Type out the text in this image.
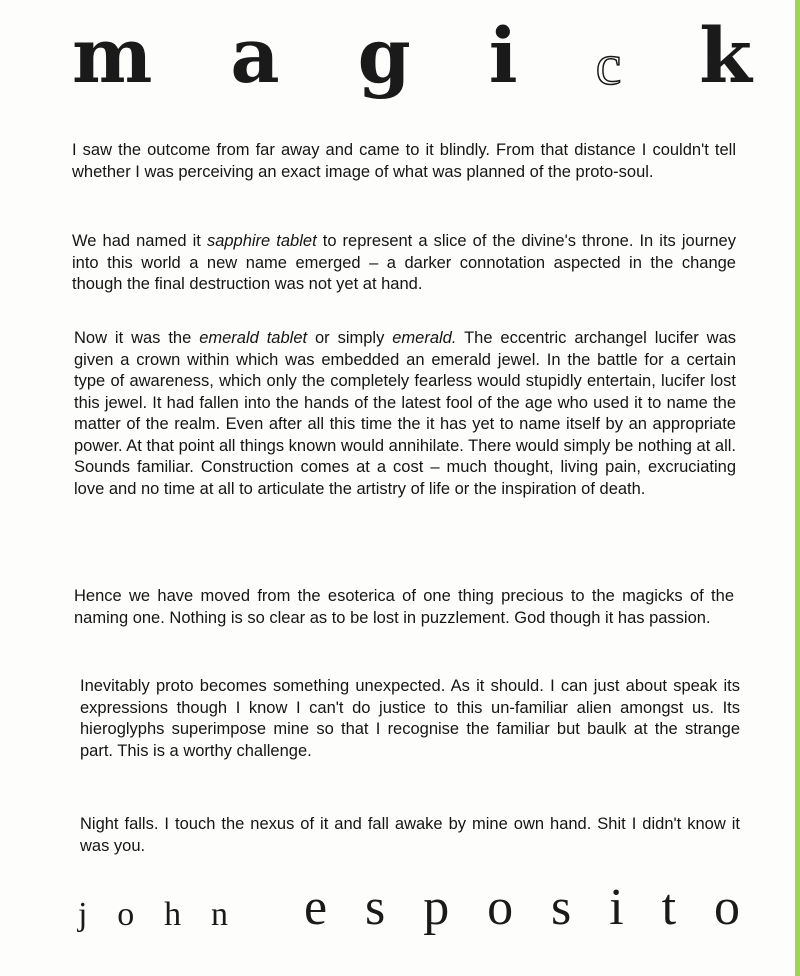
m a g i c k

I saw the outcome from far away and came to it blindly. From that distance I couldn't tell whether I was perceiving an exact image of what was planned of the proto-soul.

We had named it sapphire tablet to represent a slice of the divine's throne. In its journey into this world a new name emerged – a darker connotation aspected in the change though the final destruction was not yet at hand.

Now it was the emerald tablet or simply emerald. The eccentric archangel lucifer was given a crown within which was embedded an emerald jewel. In the battle for a certain type of awareness, which only the completely fearless would stupidly entertain, lucifer lost this jewel. It had fallen into the hands of the latest fool of the age who used it to name the matter of the realm. Even after all this time the it has yet to name itself by an appropriate power. At that point all things known would annihilate. There would simply be nothing at all. Sounds familiar. Construction comes at a cost – much thought, living pain, excruciating love and no time at all to articulate the artistry of life or the inspiration of death.

Hence we have moved from the esoterica of one thing precious to the magicks of the naming one. Nothing is so clear as to be lost in puzzlement. God though it has passion.

Inevitably proto becomes something unexpected. As it should. I can just about speak its expressions though I know I can't do justice to this un-familiar alien amongst us. Its hieroglyphs superimpose mine so that I recognise the familiar but baulk at the strange part. This is a worthy challenge.

Night falls. I touch the nexus of it and fall awake by mine own hand. Shit I didn't know it was you.

j o h n e s p o s i t o
